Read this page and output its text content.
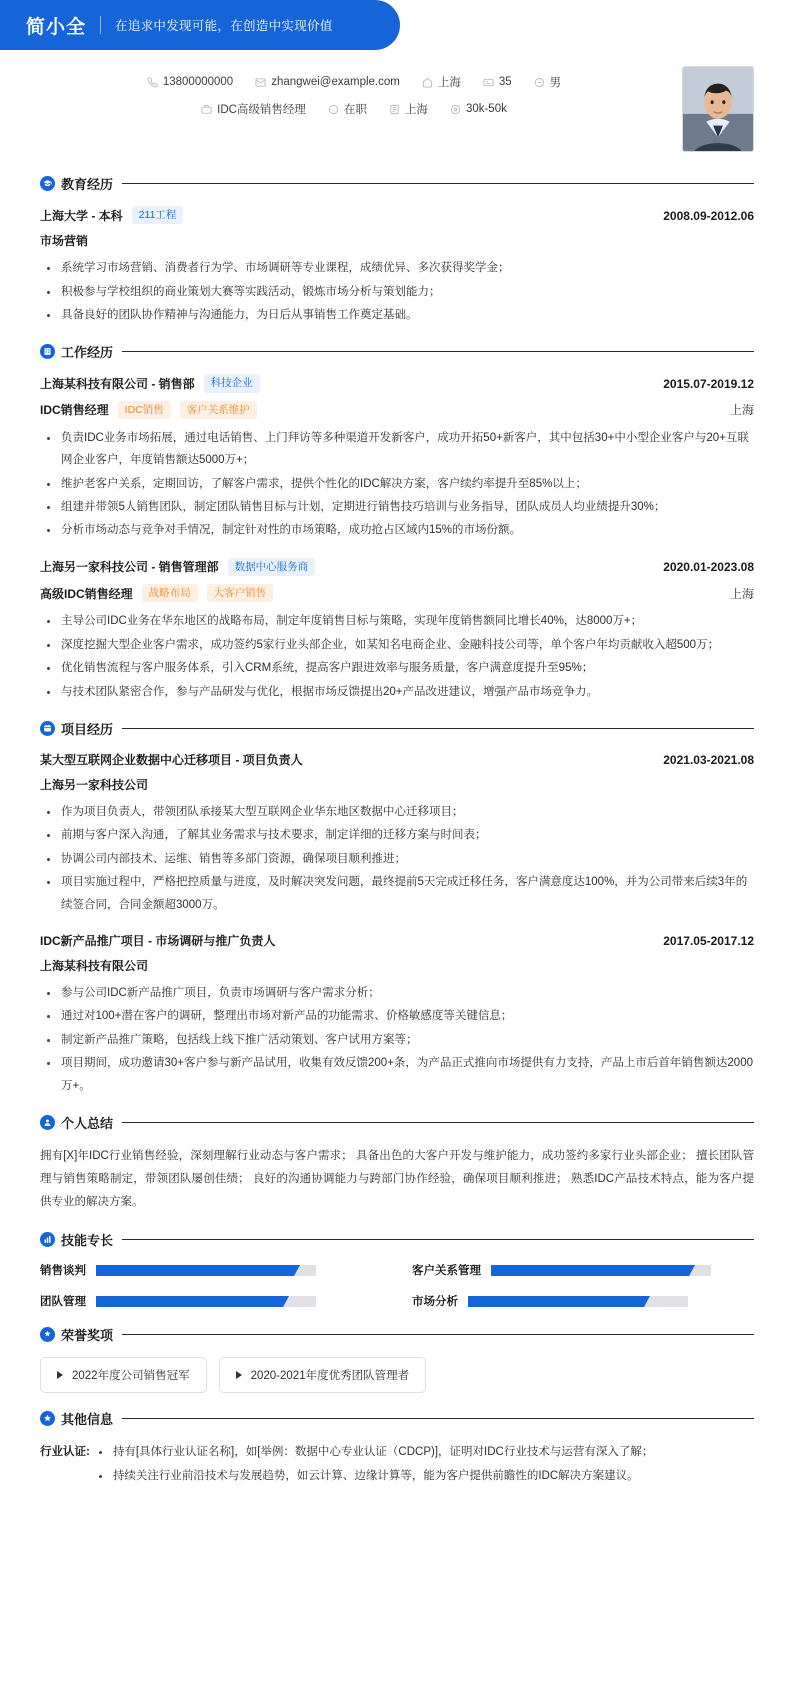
简小全 在追求中发现可能，在创造中实现价值
13800000000	zhangwei@example.com	上海	35	男
IDC高级销售经理	在职	上海	30k-50k
教育经历
上海大学 - 本科	211工程	2008.09-2012.06
市场营销
系统学习市场营销、消费者行为学、市场调研等专业课程，成绩优异、多次获得奖学金；
积极参与学校组织的商业策划大赛等实践活动，锻炼市场分析与策划能力；
具备良好的团队协作精神与沟通能力，为日后从事销售工作奠定基础。
工作经历
上海某科技有限公司 - 销售部	科技企业	2015.07-2019.12
IDC销售经理	IDC销售	客户关系维护	上海
负责IDC业务市场拓展，通过电话销售、上门拜访等多种渠道开发新客户，成功开拓50+新客户，其中包括30+中小型企业客户与20+互联网企业客户，年度销售额达5000万+；
维护老客户关系，定期回访，了解客户需求，提供个性化的IDC解决方案，客户续约率提升至85%以上；
组建并带领5人销售团队，制定团队销售目标与计划，定期进行销售技巧培训与业务指导，团队成员人均业绩提升30%；
分析市场动态与竞争对手情况，制定针对性的市场策略，成功抢占区域内15%的市场份额。
上海另一家科技公司 - 销售管理部	数据中心服务商	2020.01-2023.08
高级IDC销售经理	战略布局	大客户销售	上海
主导公司IDC业务在华东地区的战略布局，制定年度销售目标与策略，实现年度销售额同比增长40%，达8000万+；
深度挖掘大型企业客户需求，成功签约5家行业头部企业，如某知名电商企业、金融科技公司等，单个客户年均贡献收入超500万；
优化销售流程与客户服务体系，引入CRM系统，提高客户跟进效率与服务质量，客户满意度提升至95%；
与技术团队紧密合作，参与产品研发与优化，根据市场反馈提出20+产品改进建议，增强产品市场竞争力。
项目经历
某大型互联网企业数据中心迁移项目 - 项目负责人	2021.03-2021.08
上海另一家科技公司
作为项目负责人，带领团队承接某大型互联网企业华东地区数据中心迁移项目；
前期与客户深入沟通，了解其业务需求与技术要求，制定详细的迁移方案与时间表；
协调公司内部技术、运维、销售等多部门资源，确保项目顺利推进；
项目实施过程中，严格把控质量与进度，及时解决突发问题，最终提前5天完成迁移任务，客户满意度达100%，并为公司带来后续3年的续签合同，合同金额超3000万。
IDC新产品推广项目 - 市场调研与推广负责人	2017.05-2017.12
上海某科技有限公司
参与公司IDC新产品推广项目，负责市场调研与客户需求分析；
通过对100+潜在客户的调研，整理出市场对新产品的功能需求、价格敏感度等关键信息；
制定新产品推广策略，包括线上线下推广活动策划、客户试用方案等；
项目期间，成功邀请30+客户参与新产品试用，收集有效反馈200+条，为产品正式推向市场提供有力支持，产品上市后首年销售额达2000万+。
个人总结
拥有[X]年IDC行业销售经验，深刻理解行业动态与客户需求； 具备出色的大客户开发与维护能力，成功签约多家行业头部企业； 擅长团队管理与销售策略制定，带领团队屡创佳绩； 良好的沟通协调能力与跨部门协作经验，确保项目顺利推进； 熟悉IDC产品技术特点，能为客户提供专业的解决方案。
技能专长
销售谈判	客户关系管理
团队管理	市场分析
荣誉奖项
2022年度公司销售冠军	2020-2021年度优秀团队管理者
其他信息
行业认证:	持有[具体行业认证名称]，如[举例：数据中心专业认证（CDCP)]，证明对IDC行业技术与运营有深入了解；
持续关注行业前沿技术与发展趋势，如云计算、边缘计算等，能为客户提供前瞻性的IDC解决方案建议。
